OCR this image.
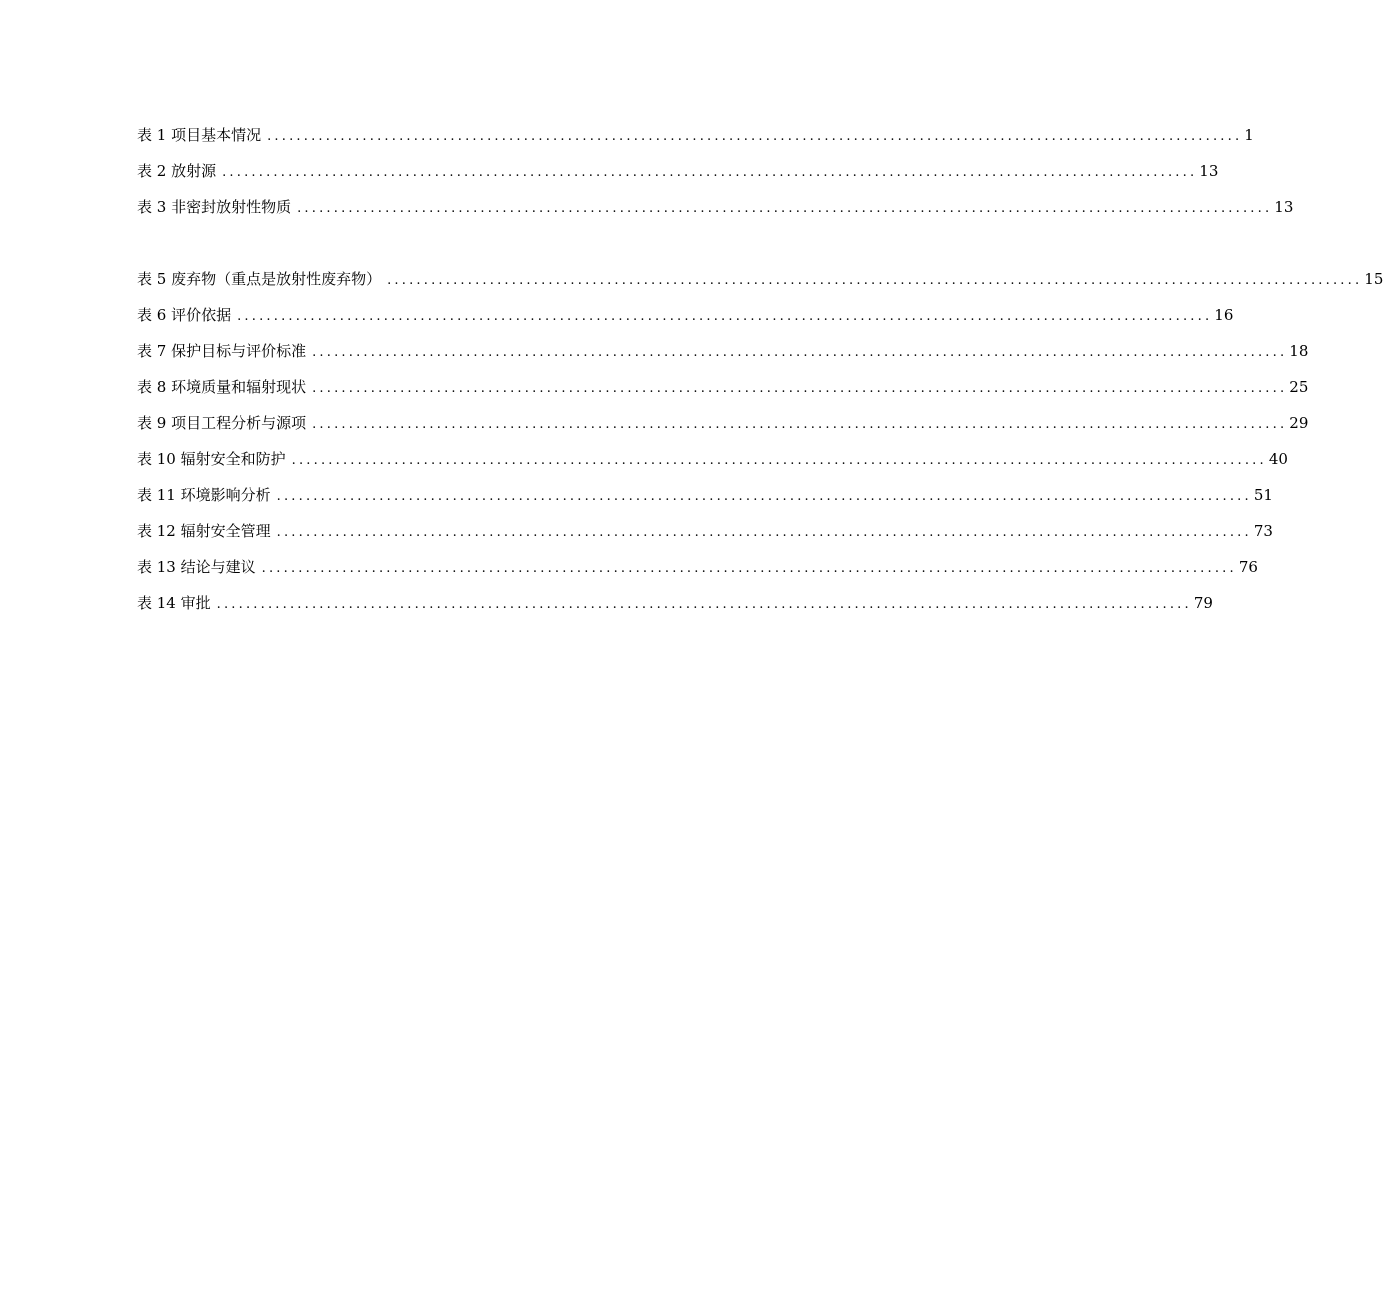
表 1 项目基本情况 ..................................................................................................................................... 1
表 2 放射源 ..................................................................................................................................... 13
表 3 非密封放射性物质 ..................................................................................................................................... 13
表 5 废弃物（重点是放射性废弃物） ..................................................................................................................................... 15
表 6 评价依据 ..................................................................................................................................... 16
表 7 保护目标与评价标准 ..................................................................................................................................... 18
表 8 环境质量和辐射现状 ..................................................................................................................................... 25
表 9 项目工程分析与源项 ..................................................................................................................................... 29
表 10 辐射安全和防护 ..................................................................................................................................... 40
表 11 环境影响分析 ..................................................................................................................................... 51
表 12 辐射安全管理 ..................................................................................................................................... 73
表 13 结论与建议 ..................................................................................................................................... 76
表 14 审批 ..................................................................................................................................... 79
